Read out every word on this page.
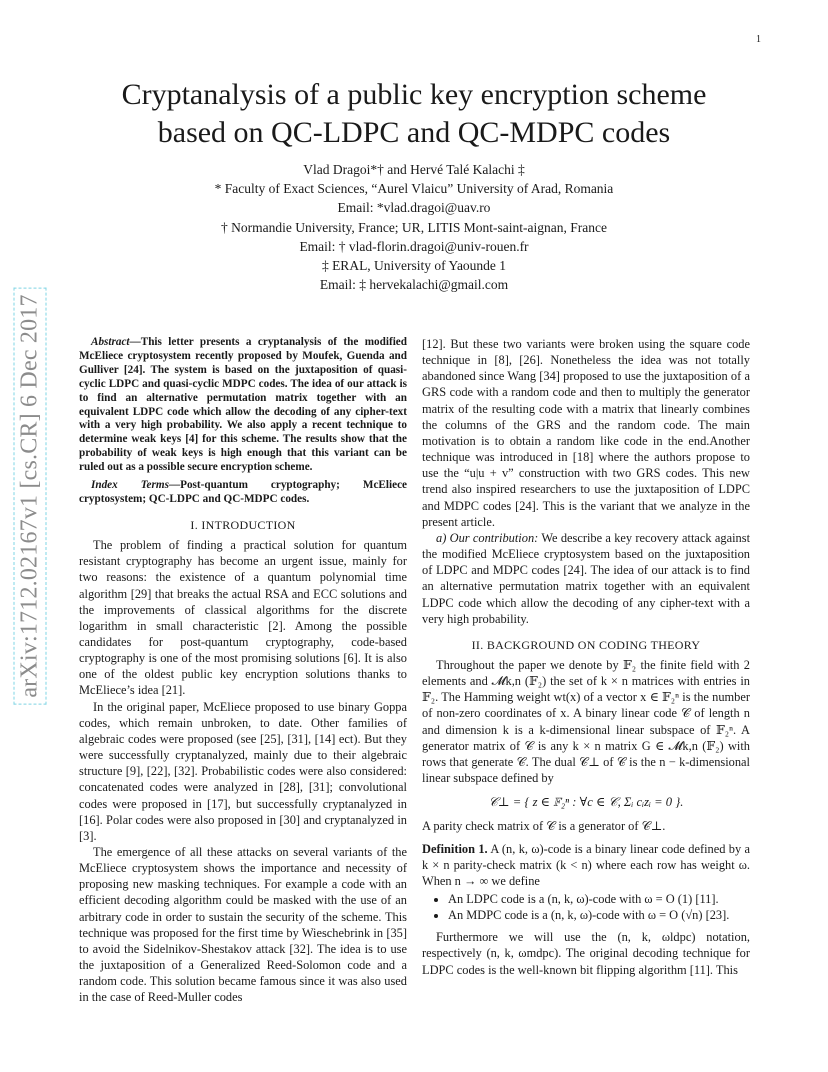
1
arXiv:1712.02167v1 [cs.CR] 6 Dec 2017
Cryptanalysis of a public key encryption scheme
based on QC-LDPC and QC-MDPC codes
Vlad Dragoi*† and Hervé Talé Kalachi ‡
* Faculty of Exact Sciences, “Aurel Vlaicu” University of Arad, Romania
Email: *vlad.dragoi@uav.ro
† Normandie University, France; UR, LITIS Mont-saint-aignan, France
Email: † vlad-florin.dragoi@univ-rouen.fr
‡ ERAL, University of Yaounde 1
Email: ‡ hervekalachi@gmail.com

Abstract—This letter presents a cryptanalysis of the modified McEliece cryptosystem recently proposed by Moufek, Guenda and Gulliver [24]. The system is based on the juxtaposition of quasi-cyclic LDPC and quasi-cyclic MDPC codes. The idea of our attack is to find an alternative permutation matrix together with an equivalent LDPC code which allow the decoding of any cipher-text with a very high probability. We also apply a recent technique to determine weak keys [4] for this scheme. The results show that the probability of weak keys is high enough that this variant can be ruled out as a possible secure encryption scheme.

Index Terms—Post-quantum cryptography; McEliece cryptosystem; QC-LDPC and QC-MDPC codes.

I. INTRODUCTION

The problem of finding a practical solution for quantum resistant cryptography has become an urgent issue, mainly for two reasons: the existence of a quantum polynomial time algorithm [29] that breaks the actual RSA and ECC solutions and the improvements of classical algorithms for the discrete logarithm in small characteristic [2]. Among the possible candidates for post-quantum cryptography, code-based cryptography is one of the most promising solutions [6]. It is also one of the oldest public key encryption solutions thanks to McEliece’s idea [21].

In the original paper, McEliece proposed to use binary Goppa codes, which remain unbroken, to date. Other families of algebraic codes were proposed (see [25], [31], [14] ect). But they were successfully cryptanalyzed, mainly due to their algebraic structure [9], [22], [32]. Probabilistic codes were also considered: concatenated codes were analyzed in [28], [31]; convolutional codes were proposed in [17], but successfully cryptanalyzed in [16]. Polar codes were also proposed in [30] and cryptanalyzed in [3].

The emergence of all these attacks on several variants of the McEliece cryptosystem shows the importance and necessity of proposing new masking techniques. For example a code with an efficient decoding algorithm could be masked with the use of an arbitrary code in order to sustain the security of the scheme. This technique was proposed for the first time by Wieschebrink in [35] to avoid the Sidelnikov-Shestakov attack [32]. The idea is to use the juxtaposition of a Generalized Reed-Solomon code and a random code. This solution became famous since it was also used in the case of Reed-Muller codes

[12]. But these two variants were broken using the square code technique in [8], [26]. Nonetheless the idea was not totally abandoned since Wang [34] proposed to use the juxtaposition of a GRS code with a random code and then to multiply the generator matrix of the resulting code with a matrix that linearly combines the columns of the GRS and the random code. The main motivation is to obtain a random like code in the end.Another technique was introduced in [18] where the authors propose to use the “u|u + v” construction with two GRS codes. This new trend also inspired researchers to use the juxtaposition of LDPC and MDPC codes [24]. This is the variant that we analyze in the present article.

a) Our contribution: We describe a key recovery attack against the modified McEliece cryptosystem based on the juxtaposition of LDPC and MDPC codes [24]. The idea of our attack is to find an alternative permutation matrix together with an equivalent LDPC code which allow the decoding of any cipher-text with a very high probability.

II. BACKGROUND ON CODING THEORY

Throughout the paper we denote by 𝔽₂ the finite field with 2 elements and 𝓜k,n (𝔽₂) the set of k × n matrices with entries in 𝔽₂. The Hamming weight wt(x) of a vector x ∈ 𝔽₂ⁿ is the number of non-zero coordinates of x. A binary linear code 𝒞 of length n and dimension k is a k-dimensional linear subspace of 𝔽₂ⁿ. A generator matrix of 𝒞 is any k × n matrix G ∈ 𝓜k,n (𝔽₂) with rows that generate 𝒞. The dual 𝒞⊥ of 𝒞 is the n − k-dimensional linear subspace defined by

𝒞⊥ = { z ∈ 𝔽₂ⁿ : ∀c ∈ 𝒞, Σᵢ cᵢzᵢ = 0 }.

A parity check matrix of 𝒞 is a generator of 𝒞⊥.

Definition 1. A (n, k, ω)-code is a binary linear code defined by a k × n parity-check matrix (k < n) where each row has weight ω. When n → ∞ we define

• An LDPC code is a (n, k, ω)-code with ω = O (1) [11].
• An MDPC code is a (n, k, ω)-code with ω = O (√n) [23].

Furthermore we will use the (n, k, ωldpc) notation, respectively (n, k, ωmdpc). The original decoding technique for LDPC codes is the well-known bit flipping algorithm [11]. This
